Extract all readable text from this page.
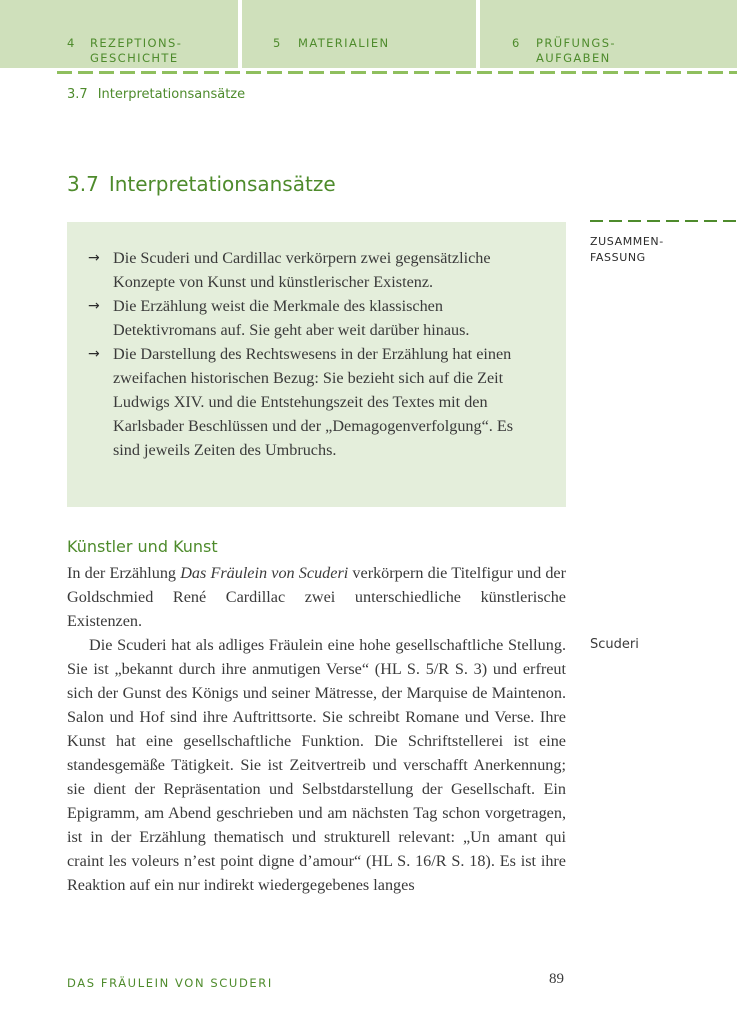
4 REZEPTIONS-
GESCHICHTE
5 MATERIALIEN	6 PRÜFUNGS-
AUFGABEN
3.7 Interpretationsansätze
3.7 Interpretationsansätze
ZUSAMMEN-
FASSUNG
→ Die Scuderi und Cardillac verkörpern zwei gegensätzliche Konzepte von Kunst und künstlerischer Existenz.
→ Die Erzählung weist die Merkmale des klassischen Detektivromans auf. Sie geht aber weit darüber hinaus.
→ Die Darstellung des Rechtswesens in der Erzählung hat einen zweifachen historischen Bezug: Sie bezieht sich auf die Zeit Ludwigs XIV. und die Entstehungszeit des Textes mit den Karlsbader Beschlüssen und der „Demagogenverfolgung“. Es sind jeweils Zeiten des Umbruchs.
Künstler und Kunst

In der Erzählung Das Fräulein von Scuderi verkörpern die Titelfigur und der Goldschmied René Cardillac zwei unterschiedliche künstlerische Existenzen.

Die Scuderi hat als adliges Fräulein eine hohe gesellschaftliche Stellung. Sie ist „bekannt durch ihre anmutigen Verse“ (HL S. 5/R S. 3) und erfreut sich der Gunst des Königs und seiner Mätresse, der Marquise de Maintenon. Salon und Hof sind ihre Auftrittsorte. Sie schreibt Romane und Verse. Ihre Kunst hat eine gesellschaftliche Funktion. Die Schriftstellerei ist eine standesgemäße Tätigkeit. Sie ist Zeitvertreib und verschafft Anerkennung; sie dient der Repräsentation und Selbstdarstellung der Gesellschaft. Ein Epigramm, am Abend geschrieben und am nächsten Tag schon vorgetragen, ist in der Erzählung thematisch und strukturell relevant: „Un amant qui craint les voleurs n’est point digne d’amour“ (HL S. 16/R S. 18). Es ist ihre Reaktion auf ein nur indirekt wiedergegebenes langes

Scuderi
DAS FRÄULEIN VON SCUDERI	89
